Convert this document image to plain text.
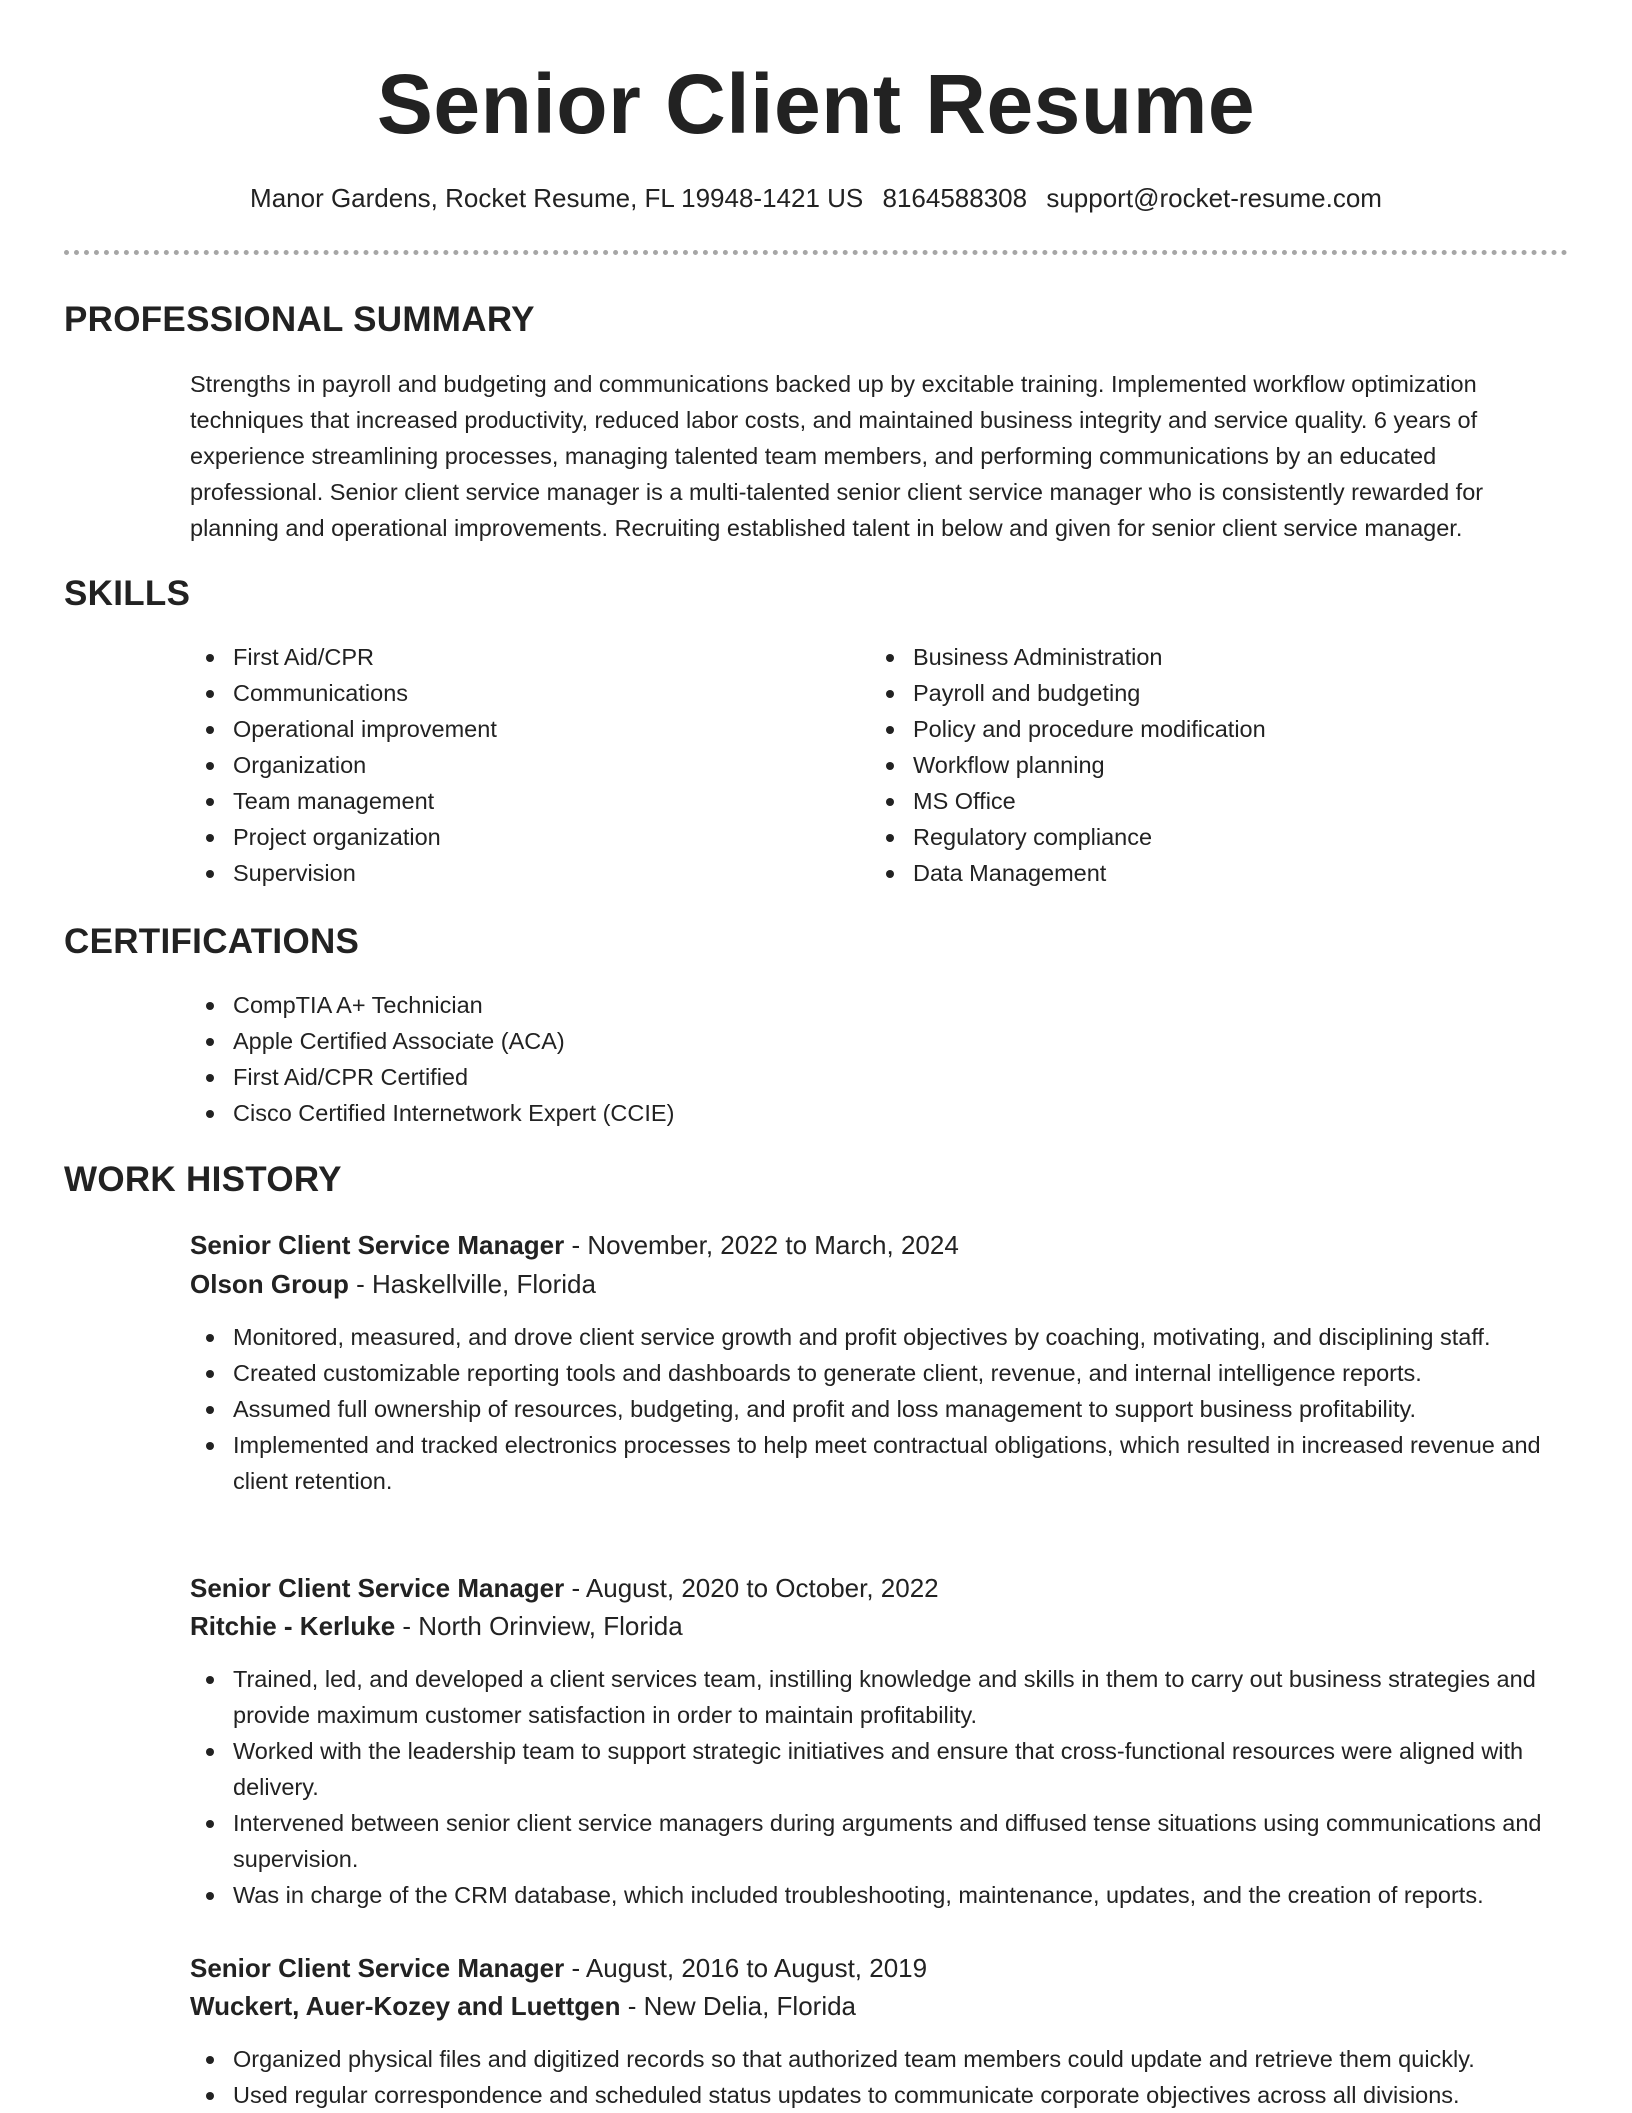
Senior Client Resume
Manor Gardens, Rocket Resume, FL 19948-1421 US 8164588308 support@rocket-resume.com
PROFESSIONAL SUMMARY

Strengths in payroll and budgeting and communications backed up by excitable training. Implemented workflow optimization techniques that increased productivity, reduced labor costs, and maintained business integrity and service quality. 6 years of experience streamlining processes, managing talented team members, and performing communications by an educated professional. Senior client service manager is a multi-talented senior client service manager who is consistently rewarded for planning and operational improvements. Recruiting established talent in below and given for senior client service manager.

SKILLS
First Aid/CPR
Communications
Operational improvement
Organization
Team management
Project organization
Supervision
Business Administration
Payroll and budgeting
Policy and procedure modification
Workflow planning
MS Office
Regulatory compliance
Data Management
CERTIFICATIONS
CompTIA A+ Technician
Apple Certified Associate (ACA)
First Aid/CPR Certified
Cisco Certified Internetwork Expert (CCIE)
WORK HISTORY
Senior Client Service Manager - November, 2022 to March, 2024
Olson Group - Haskellville, Florida
Monitored, measured, and drove client service growth and profit objectives by coaching, motivating, and disciplining staff.
Created customizable reporting tools and dashboards to generate client, revenue, and internal intelligence reports.
Assumed full ownership of resources, budgeting, and profit and loss management to support business profitability.
Implemented and tracked electronics processes to help meet contractual obligations, which resulted in increased revenue and client retention.
Senior Client Service Manager - August, 2020 to October, 2022
Ritchie - Kerluke - North Orinview, Florida
Trained, led, and developed a client services team, instilling knowledge and skills in them to carry out business strategies and provide maximum customer satisfaction in order to maintain profitability.
Worked with the leadership team to support strategic initiatives and ensure that cross-functional resources were aligned with delivery.
Intervened between senior client service managers during arguments and diffused tense situations using communications and supervision.
Was in charge of the CRM database, which included troubleshooting, maintenance, updates, and the creation of reports.
Senior Client Service Manager - August, 2016 to August, 2019
Wuckert, Auer-Kozey and Luettgen - New Delia, Florida
Organized physical files and digitized records so that authorized team members could update and retrieve them quickly.
Used regular correspondence and scheduled status updates to communicate corporate objectives across all divisions.
